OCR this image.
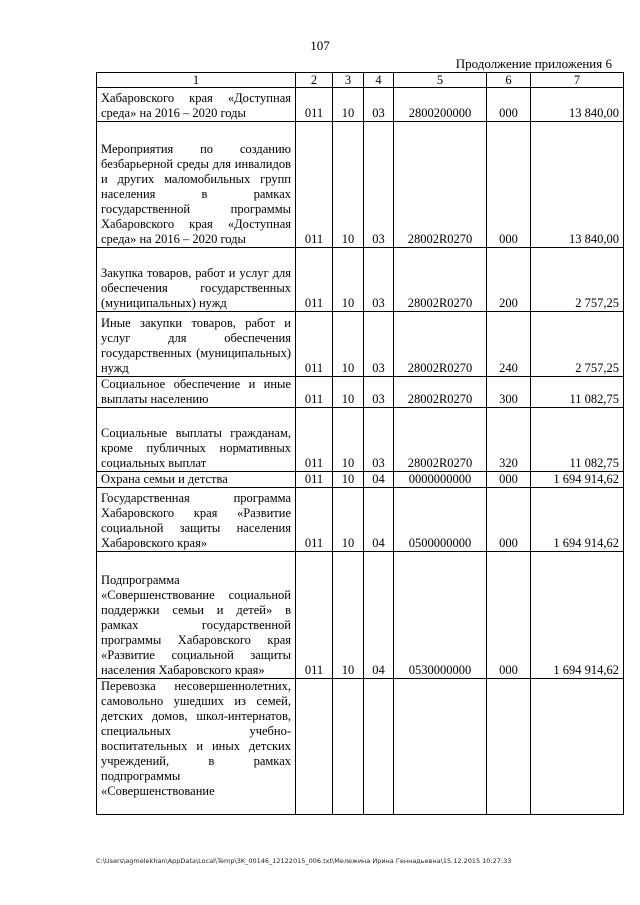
107
Продолжение приложения 6
1	2	3	4	5	6	7
Хабаровского края «Доступная среда» на 2016 – 2020 годы	011	10	03	2800200000	000	13 840,00
Мероприятия по созданию безбарьерной среды для инвалидов и других маломобильных групп населения в рамках государственной программы Хабаровского края «Доступная среда» на 2016 – 2020 годы	011	10	03	28002R0270	000	13 840,00
Закупка товаров, работ и услуг для обеспечения государственных (муниципальных) нужд	011	10	03	28002R0270	200	2 757,25
Иные закупки товаров, работ и услуг для обеспечения государственных (муниципальных) нужд	011	10	03	28002R0270	240	2 757,25
Социальное обеспечение и иные выплаты населению	011	10	03	28002R0270	300	11 082,75
Социальные выплаты гражданам, кроме публичных нормативных социальных выплат	011	10	03	28002R0270	320	11 082,75
Охрана семьи и детства	011	10	04	0000000000	000	1 694 914,62
Государственная программа Хабаровского края «Развитие социальной защиты населения Хабаровского края»	011	10	04	0500000000	000	1 694 914,62
Подпрограмма «Совершенствование социальной поддержки семьи и детей» в рамках государственной программы Хабаровского края «Развитие социальной защиты населения Хабаровского края»	011	10	04	0530000000	000	1 694 914,62
Перевозка несовершеннолетних, самовольно ушедших из семей, детских домов, школ-интернатов, специальных учебно-воспитательных и иных детских учреждений, в рамках подпрограммы «Совершенствование						
C:\Users\agmelekhan\AppData\Local\Temp\3K_00146_12122015_006.txt\Мележина Ирина Геннадьевна\15.12.2015 10:27:33
